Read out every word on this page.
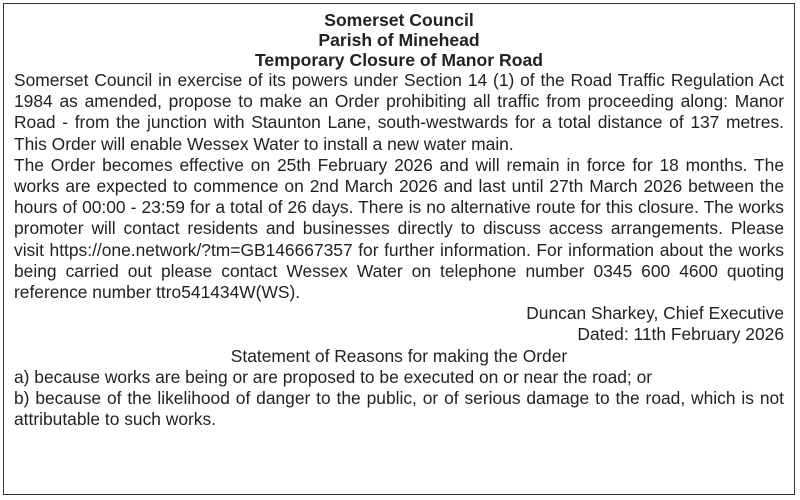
Somerset Council

Parish of Minehead

Temporary Closure of Manor Road

Somerset Council in exercise of its powers under Section 14 (1) of the Road Traffic Regulation Act 1984 as amended, propose to make an Order prohibiting all traffic from proceeding along: Manor Road - from the junction with Staunton Lane, south-westwards for a total distance of 137 metres. This Order will enable Wessex Water to install a new water main.

The Order becomes effective on 25th February 2026 and will remain in force for 18 months. The works are expected to commence on 2nd March 2026 and last until 27th March 2026 between the hours of 00:00 - 23:59 for a total of 26 days. There is no alternative route for this closure. The works promoter will contact residents and businesses directly to discuss access arrangements. Please visit https://one.network/?tm=GB146667357 for further information. For information about the works being carried out please contact Wessex Water on telephone number 0345 600 4600 quoting reference number ttro541434W(WS).

Duncan Sharkey, Chief Executive

Dated: 11th February 2026

Statement of Reasons for making the Order

a) because works are being or are proposed to be executed on or near the road; or

b) because of the likelihood of danger to the public, or of serious damage to the road, which is not attributable to such works.
